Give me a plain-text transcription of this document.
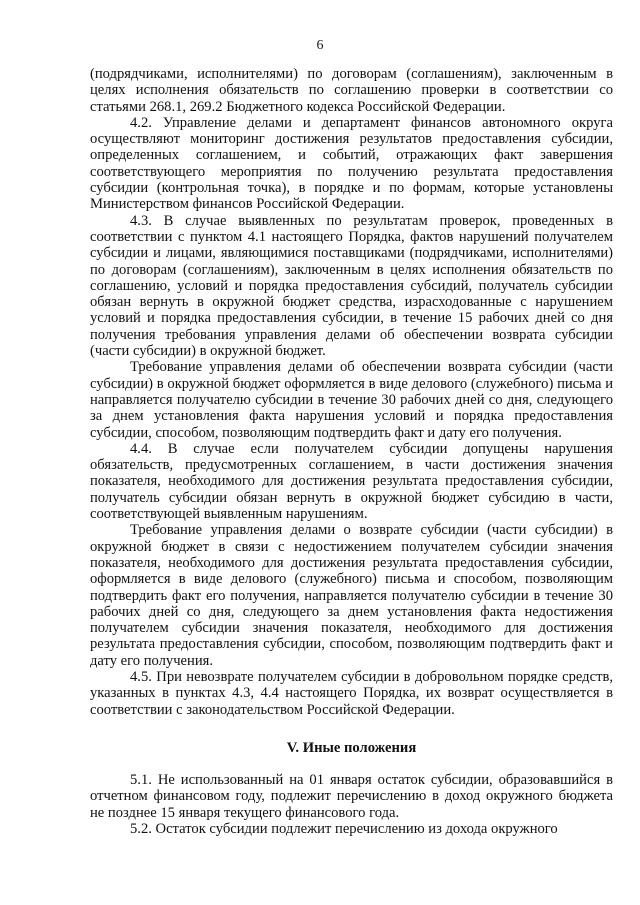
6

(подрядчиками, исполнителями) по договорам (соглашениям), заключенным в целях исполнения обязательств по соглашению проверки в соответствии со статьями 268.1, 269.2 Бюджетного кодекса Российской Федерации.

4.2. Управление делами и департамент финансов автономного округа осуществляют мониторинг достижения результатов предоставления субсидии, определенных соглашением, и событий, отражающих факт завершения соответствующего мероприятия по получению результата предоставления субсидии (контрольная точка), в порядке и по формам, которые установлены Министерством финансов Российской Федерации.

4.3. В случае выявленных по результатам проверок, проведенных в соответствии с пунктом 4.1 настоящего Порядка, фактов нарушений получателем субсидии и лицами, являющимися поставщиками (подрядчиками, исполнителями) по договорам (соглашениям), заключенным в целях исполнения обязательств по соглашению, условий и порядка предоставления субсидий, получатель субсидии обязан вернуть в окружной бюджет средства, израсходованные с нарушением условий и порядка предоставления субсидии, в течение 15 рабочих дней со дня получения требования управления делами об обеспечении возврата субсидии (части субсидии) в окружной бюджет.

Требование управления делами об обеспечении возврата субсидии (части субсидии) в окружной бюджет оформляется в виде делового (служебного) письма и направляется получателю субсидии в течение 30 рабочих дней со дня, следующего за днем установления факта нарушения условий и порядка предоставления субсидии, способом, позволяющим подтвердить факт и дату его получения.

4.4. В случае если получателем субсидии допущены нарушения обязательств, предусмотренных соглашением, в части достижения значения показателя, необходимого для достижения результата предоставления субсидии, получатель субсидии обязан вернуть в окружной бюджет субсидию в части, соответствующей выявленным нарушениям.

Требование управления делами о возврате субсидии (части субсидии) в окружной бюджет в связи с недостижением получателем субсидии значения показателя, необходимого для достижения результата предоставления субсидии, оформляется в виде делового (служебного) письма и способом, позволяющим подтвердить факт его получения, направляется получателю субсидии в течение 30 рабочих дней со дня, следующего за днем установления факта недостижения получателем субсидии значения показателя, необходимого для достижения результата предоставления субсидии, способом, позволяющим подтвердить факт и дату его получения.

4.5. При невозврате получателем субсидии в добровольном порядке средств, указанных в пунктах 4.3, 4.4 настоящего Порядка, их возврат осуществляется в соответствии с законодательством Российской Федерации.

V. Иные положения

5.1. Не использованный на 01 января остаток субсидии, образовавшийся в отчетном финансовом году, подлежит перечислению в доход окружного бюджета не позднее 15 января текущего финансового года.

5.2. Остаток субсидии подлежит перечислению из дохода окружного
